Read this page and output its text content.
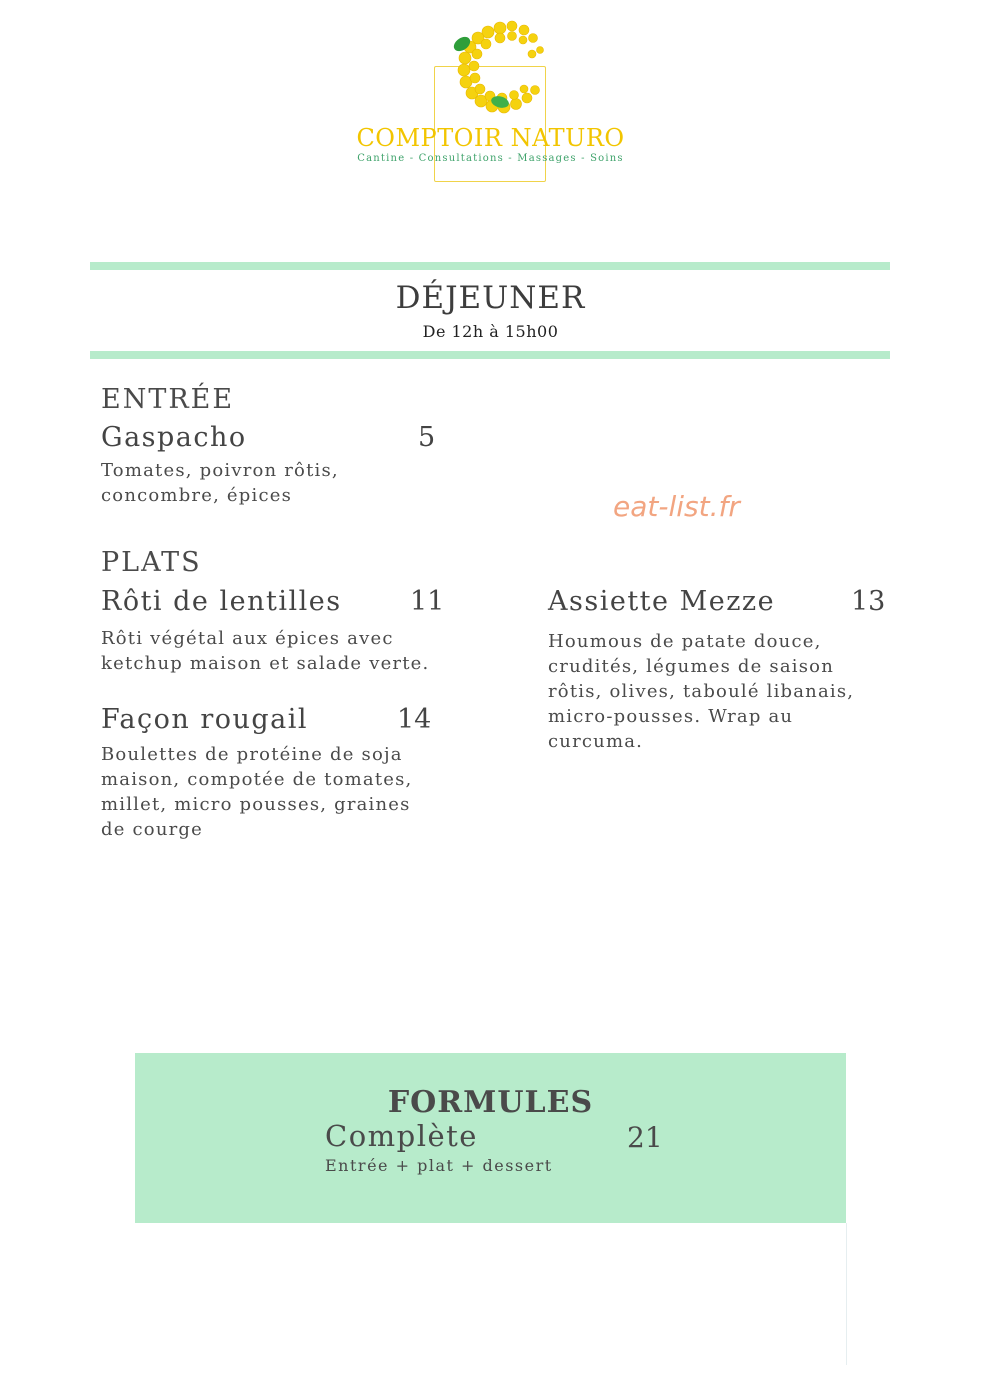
COMPTOIR NATURO
Cantine - Consultations - Massages - Soins
DÉJEUNER
De 12h à 15h00
ENTRÉE
Gaspacho	5
Tomates, poivron rôtis,
concombre, épices	eat-list.fr
PLATS
Rôti de lentilles	11
Rôti végétal aux épices avec
ketchup maison et salade verte.
Façon rougail	14
Boulettes de protéine de soja
maison, compotée de tomates,
millet, micro pousses, graines
de courge
Assiette Mezze	13
Houmous de patate douce,
crudités, légumes de saison
rôtis, olives, taboulé libanais,
micro-pousses. Wrap au
curcuma.
FORMULES
Complète	21
Entrée + plat + dessert
